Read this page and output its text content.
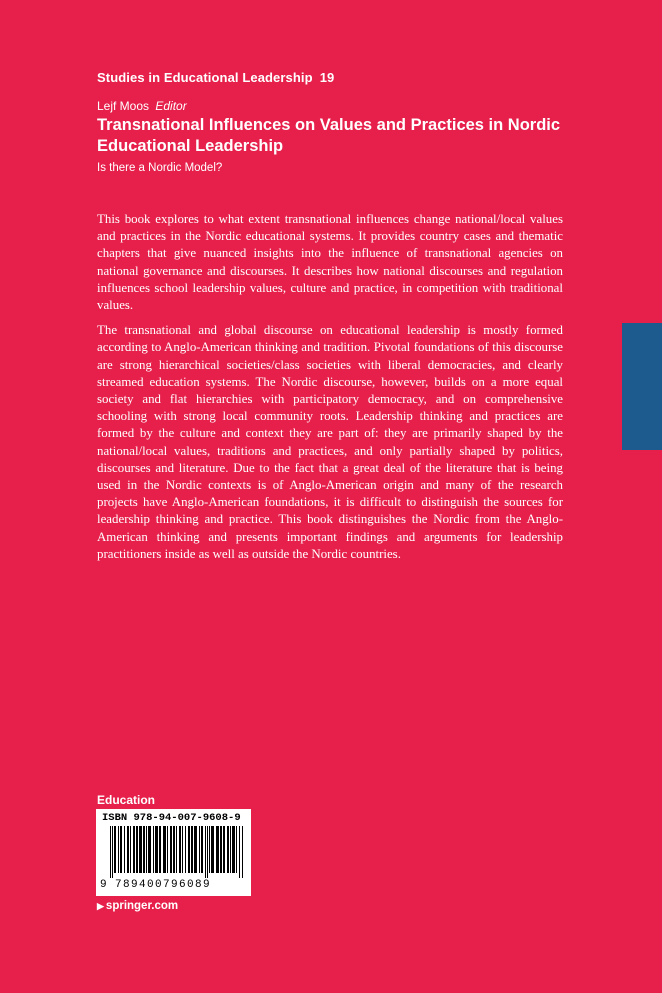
Studies in Educational Leadership 19
Lejf Moos Editor
Transnational Influences on Values and Practices in Nordic Educational Leadership
Is there a Nordic Model?

This book explores to what extent transnational influences change national/local values and practices in the Nordic educational systems. It provides country cases and thematic chapters that give nuanced insights into the influence of transnational agencies on national governance and discourses. It describes how national discourses and regulation influences school leadership values, culture and practice, in competition with traditional values.

The transnational and global discourse on educational leadership is mostly formed according to Anglo-American thinking and tradition. Pivotal foundations of this discourse are strong hierarchical societies/class societies with liberal democracies, and clearly streamed education systems. The Nordic discourse, however, builds on a more equal society and flat hierarchies with participatory democracy, and on comprehensive schooling with strong local community roots. Leadership thinking and practices are formed by the culture and context they are part of: they are primarily shaped by the national/local values, traditions and practices, and only partially shaped by politics, discourses and literature. Due to the fact that a great deal of the literature that is being used in the Nordic contexts is of Anglo-American origin and many of the research projects have Anglo-American foundations, it is difficult to distinguish the sources for leadership thinking and practice. This book distinguishes the Nordic from the Anglo-American thinking and presents important findings and arguments for leadership practitioners inside as well as outside the Nordic countries.

Education
ISBN 978-94-007-9608-9
9 789400796089
▶ springer.com
